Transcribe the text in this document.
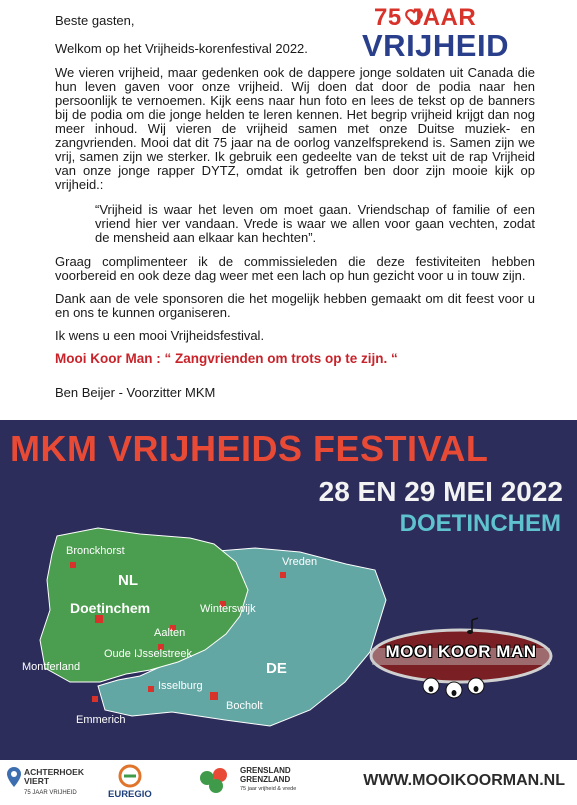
75 JAAR
VRIJHEID

Beste gasten,

Welkom op het Vrijheids-korenfestival 2022.

We vieren vrijheid, maar gedenken ook de dappere jonge soldaten uit Canada die hun leven gaven voor onze vrijheid. Wij doen dat door de podia naar hen persoonlijk te vernoemen. Kijk eens naar hun foto en lees de tekst op de banners bij de podia om die jonge helden te leren kennen. Het begrip vrijheid krijgt dan nog meer inhoud. Wij vieren de vrijheid samen met onze Duitse muziek- en zangvrienden. Mooi dat dit 75 jaar na de oorlog vanzelfsprekend is. Samen zijn we vrij, samen zijn we sterker. Ik gebruik een gedeelte van de tekst uit de rap Vrijheid van onze jonge rapper DYTZ, omdat ik getroffen ben door zijn mooie kijk op vrijheid.:

“Vrijheid is waar het leven om moet gaan. Vriendschap of familie of een vriend hier ver vandaan. Vrede is waar we allen voor gaan vechten, zodat de mensheid aan elkaar kan hechten”.

Graag complimenteer ik de commissieleden die deze festiviteiten hebben voorbereid en ook deze dag weer met een lach op hun gezicht voor u in touw zijn.

Dank aan de vele sponsoren die het mogelijk hebben gemaakt om dit feest voor u en ons te kunnen organiseren.

Ik wens u een mooi Vrijheidsfestival.

Mooi Koor Man : “ Zangvrienden om trots op te zijn. “

Ben Beijer - Voorzitter MKM

MKM VRIJHEIDS FESTIVAL
28 EN 29 MEI 2022
DOETINCHEM
Bronckhorst
NL
Doetinchem	Winterswijk
Aalten
Oude IJsselstreek
Montferland	DE
Isselburg
Bocholt
Emmerich
Vreden
MOOI KOOR MAN
ACHTERHOEK VIERT
75 JAAR VRIJHEID	EUREGIO
GRENSLAND GRENZLAND
75 jaar vrijheid & vrede	WWW.MOOIKOORMAN.NL
